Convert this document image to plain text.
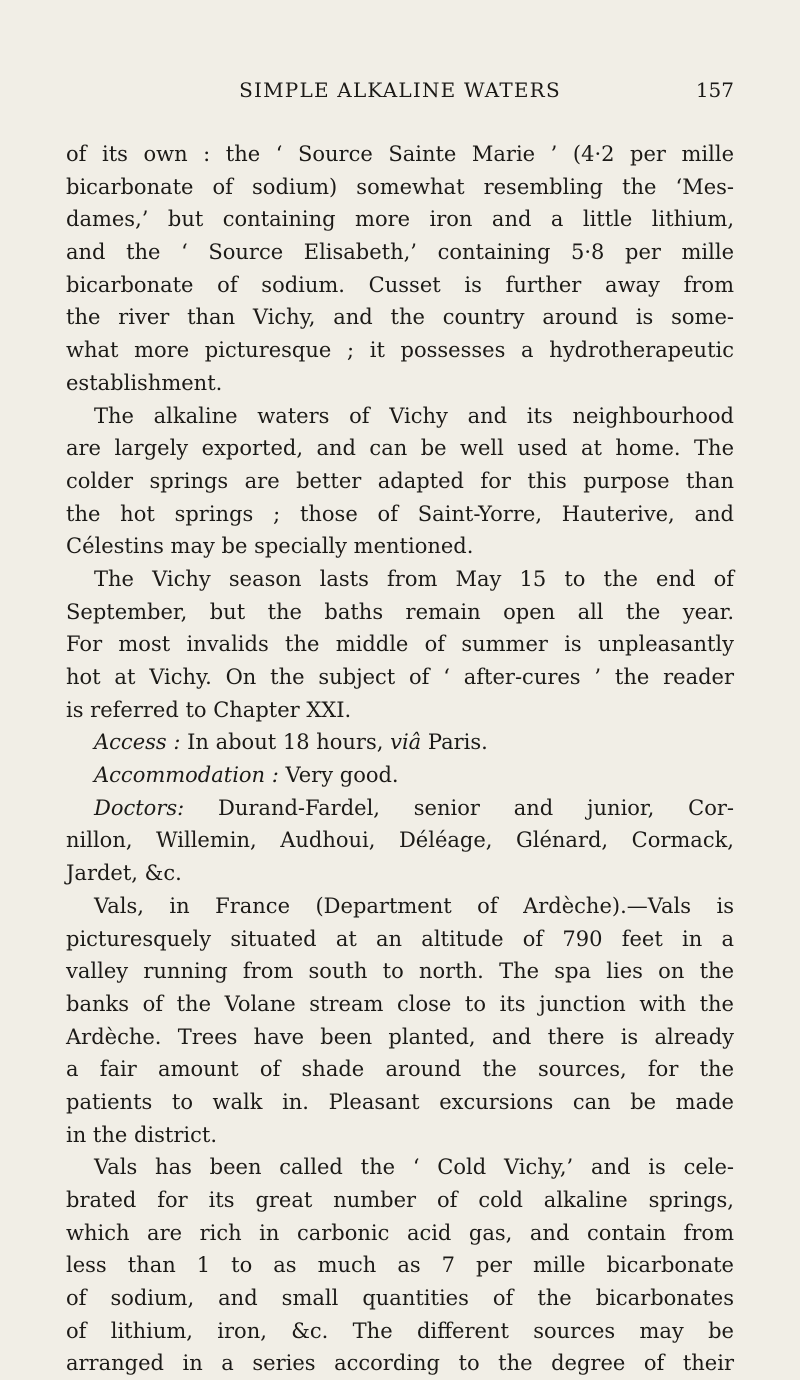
SIMPLE ALKALINE WATERS	157
of its own : the ‘ Source Sainte Marie ’ (4·2 per mille
bicarbonate of sodium) somewhat resembling the ‘Mes-
dames,’ but containing more iron and a little lithium,
and the ‘ Source Elisabeth,’ containing 5·8 per mille
bicarbonate of sodium. Cusset is further away from
the river than Vichy, and the country around is some-
what more picturesque ; it possesses a hydrotherapeutic
establishment.
The alkaline waters of Vichy and its neighbourhood
are largely exported, and can be well used at home. The
colder springs are better adapted for this purpose than
the hot springs ; those of Saint-Yorre, Hauterive, and
Célestins may be specially mentioned.
The Vichy season lasts from May 15 to the end of
September, but the baths remain open all the year.
For most invalids the middle of summer is unpleasantly
hot at Vichy. On the subject of ‘ after-cures ’ the reader
is referred to Chapter XXI.
Access : In about 18 hours, viâ Paris.
Accommodation : Very good.
Doctors: Durand-Fardel, senior and junior, Cor-
nillon, Willemin, Audhoui, Déléage, Glénard, Cormack,
Jardet, &c.
Vals, in France (Department of Ardèche).—Vals is
picturesquely situated at an altitude of 790 feet in a
valley running from south to north. The spa lies on the
banks of the Volane stream close to its junction with the
Ardèche. Trees have been planted, and there is already
a fair amount of shade around the sources, for the
patients to walk in. Pleasant excursions can be made
in the district.
Vals has been called the ‘ Cold Vichy,’ and is cele-
brated for its great number of cold alkaline springs,
which are rich in carbonic acid gas, and contain from
less than 1 to as much as 7 per mille bicarbonate
of sodium, and small quantities of the bicarbonates
of lithium, iron, &c. The different sources may be
arranged in a series according to the degree of their
